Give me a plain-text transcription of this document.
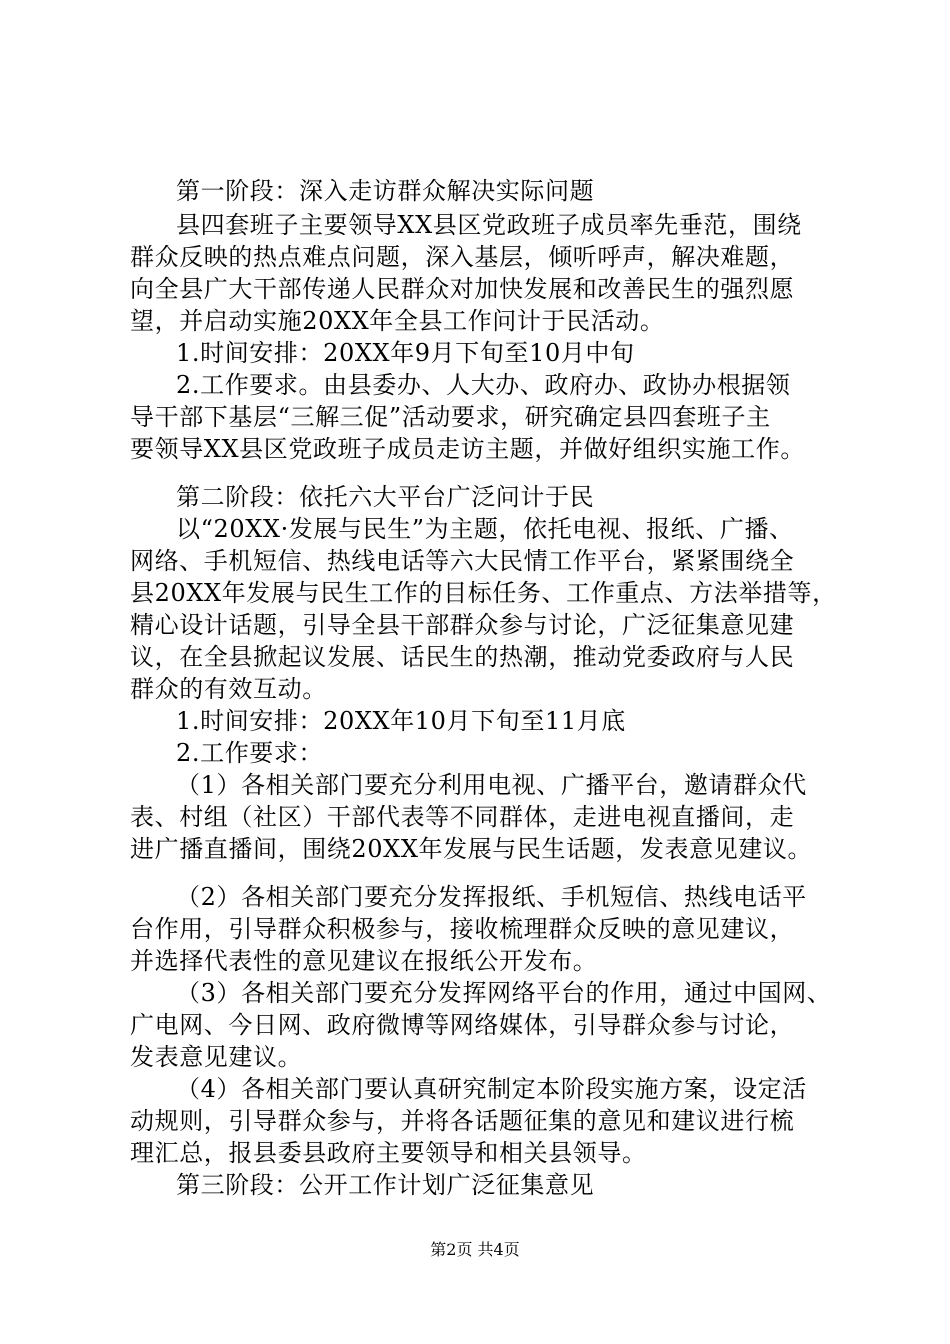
第一阶段：深入走访群众解决实际问题
县四套班子主要领导XX县区党政班子成员率先垂范，围绕
群众反映的热点难点问题，深入基层，倾听呼声，解决难题，
向全县广大干部传递人民群众对加快发展和改善民生的强烈愿
望，并启动实施20XX年全县工作问计于民活动。
1.时间安排：20XX年9月下旬至10月中旬
2.工作要求。由县委办、人大办、政府办、政协办根据领
导干部下基层“三解三促”活动要求，研究确定县四套班子主
要领导XX县区党政班子成员走访主题，并做好组织实施工作。
第二阶段：依托六大平台广泛问计于民
以“20XX·发展与民生”为主题，依托电视、报纸、广播、
网络、手机短信、热线电话等六大民情工作平台，紧紧围绕全
县20XX年发展与民生工作的目标任务、工作重点、方法举措等，
精心设计话题，引导全县干部群众参与讨论，广泛征集意见建
议，在全县掀起议发展、话民生的热潮，推动党委政府与人民
群众的有效互动。
1.时间安排：20XX年10月下旬至11月底
2.工作要求：
（1）各相关部门要充分利用电视、广播平台，邀请群众代
表、村组（社区）干部代表等不同群体，走进电视直播间，走
进广播直播间，围绕20XX年发展与民生话题，发表意见建议。
（2）各相关部门要充分发挥报纸、手机短信、热线电话平
台作用，引导群众积极参与，接收梳理群众反映的意见建议，
并选择代表性的意见建议在报纸公开发布。
（3）各相关部门要充分发挥网络平台的作用，通过中国网、
广电网、今日网、政府微博等网络媒体，引导群众参与讨论，
发表意见建议。
（4）各相关部门要认真研究制定本阶段实施方案，设定活
动规则，引导群众参与，并将各话题征集的意见和建议进行梳
理汇总，报县委县政府主要领导和相关县领导。
第三阶段：公开工作计划广泛征集意见
第2页 共4页
